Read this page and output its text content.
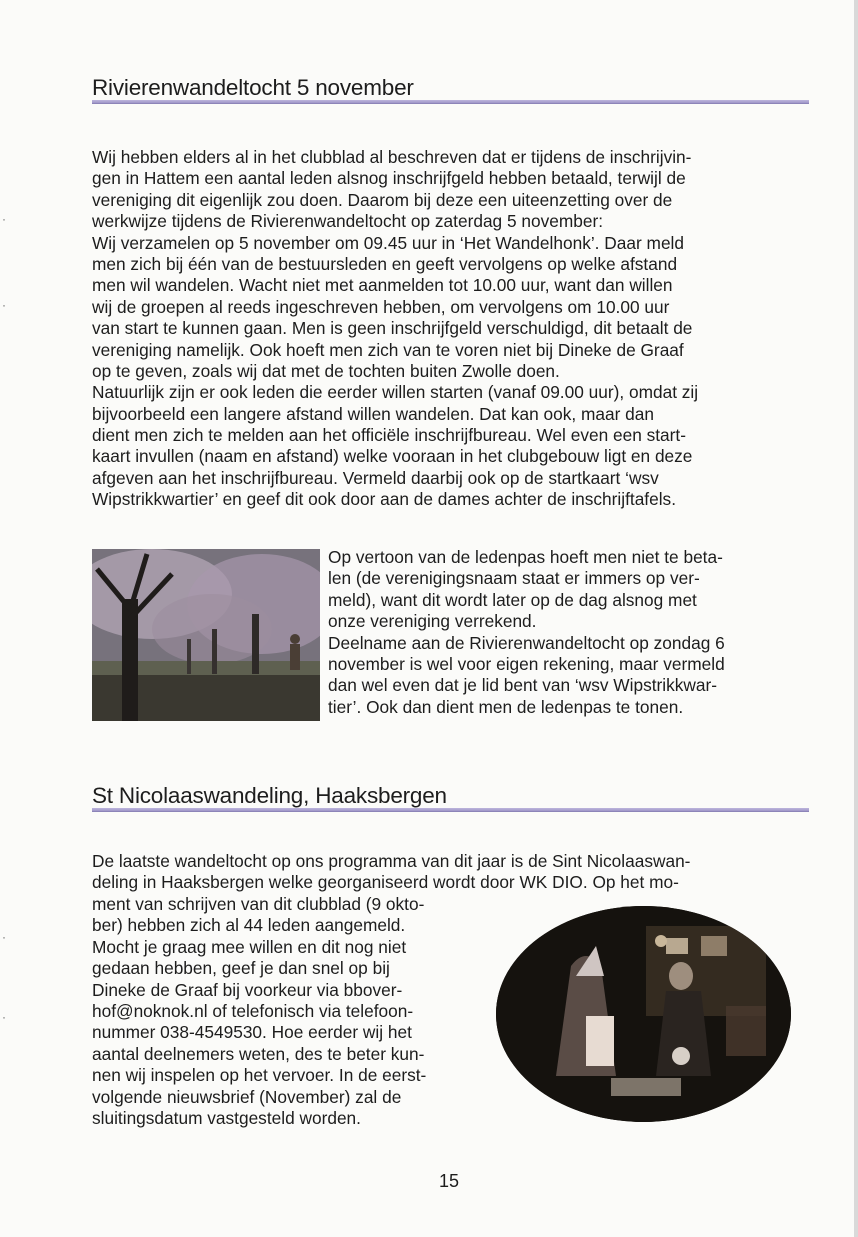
·
·
·
·
Rivierenwandeltocht 5 november
Wij hebben elders al in het clubblad al beschreven dat er tijdens de inschrijvin-
gen in Hattem een aantal leden alsnog inschrijfgeld hebben betaald, terwijl de
vereniging dit eigenlijk zou doen. Daarom bij deze een uiteenzetting over de
werkwijze tijdens de Rivierenwandeltocht op zaterdag 5 november:
Wij verzamelen op 5 november om 09.45 uur in ‘Het Wandelhonk’. Daar meld
men zich bij één van de bestuursleden en geeft vervolgens op welke afstand
men wil wandelen. Wacht niet met aanmelden tot 10.00 uur, want dan willen
wij de groepen al reeds ingeschreven hebben, om vervolgens om 10.00 uur
van start te kunnen gaan. Men is geen inschrijfgeld verschuldigd, dit betaalt de
vereniging namelijk. Ook hoeft men zich van te voren niet bij Dineke de Graaf
op te geven, zoals wij dat met de tochten buiten Zwolle doen.
Natuurlijk zijn er ook leden die eerder willen starten (vanaf 09.00 uur), omdat zij
bijvoorbeeld een langere afstand willen wandelen. Dat kan ook, maar dan
dient men zich te melden aan het officiële inschrijfbureau. Wel even een start-
kaart invullen (naam en afstand) welke vooraan in het clubgebouw ligt en deze
afgeven aan het inschrijfbureau. Vermeld daarbij ook op de startkaart ‘wsv
Wipstrikkwartier’ en geef dit ook door aan de dames achter de inschrijftafels.
Op vertoon van de ledenpas hoeft men niet te beta-
len (de verenigingsnaam staat er immers op ver-
meld), want dit wordt later op de dag alsnog met
onze vereniging verrekend.
Deelname aan de Rivierenwandeltocht op zondag 6
november is wel voor eigen rekening, maar vermeld
dan wel even dat je lid bent van ‘wsv Wipstrikkwar-
tier’. Ook dan dient men de ledenpas te tonen.
St Nicolaaswandeling, Haaksbergen
De laatste wandeltocht op ons programma van dit jaar is de Sint Nicolaaswan-
deling in Haaksbergen welke georganiseerd wordt door WK DIO. Op het mo-
ment van schrijven van dit clubblad (9 okto-
ber) hebben zich al 44 leden aangemeld.
Mocht je graag mee willen en dit nog niet
gedaan hebben, geef je dan snel op bij
Dineke de Graaf bij voorkeur via bbover-
hof@noknok.nl of telefonisch via telefoon-
nummer 038-4549530. Hoe eerder wij het
aantal deelnemers weten, des te beter kun-
nen wij inspelen op het vervoer. In de eerst-
volgende nieuwsbrief (November) zal de
sluitingsdatum vastgesteld worden.
15
